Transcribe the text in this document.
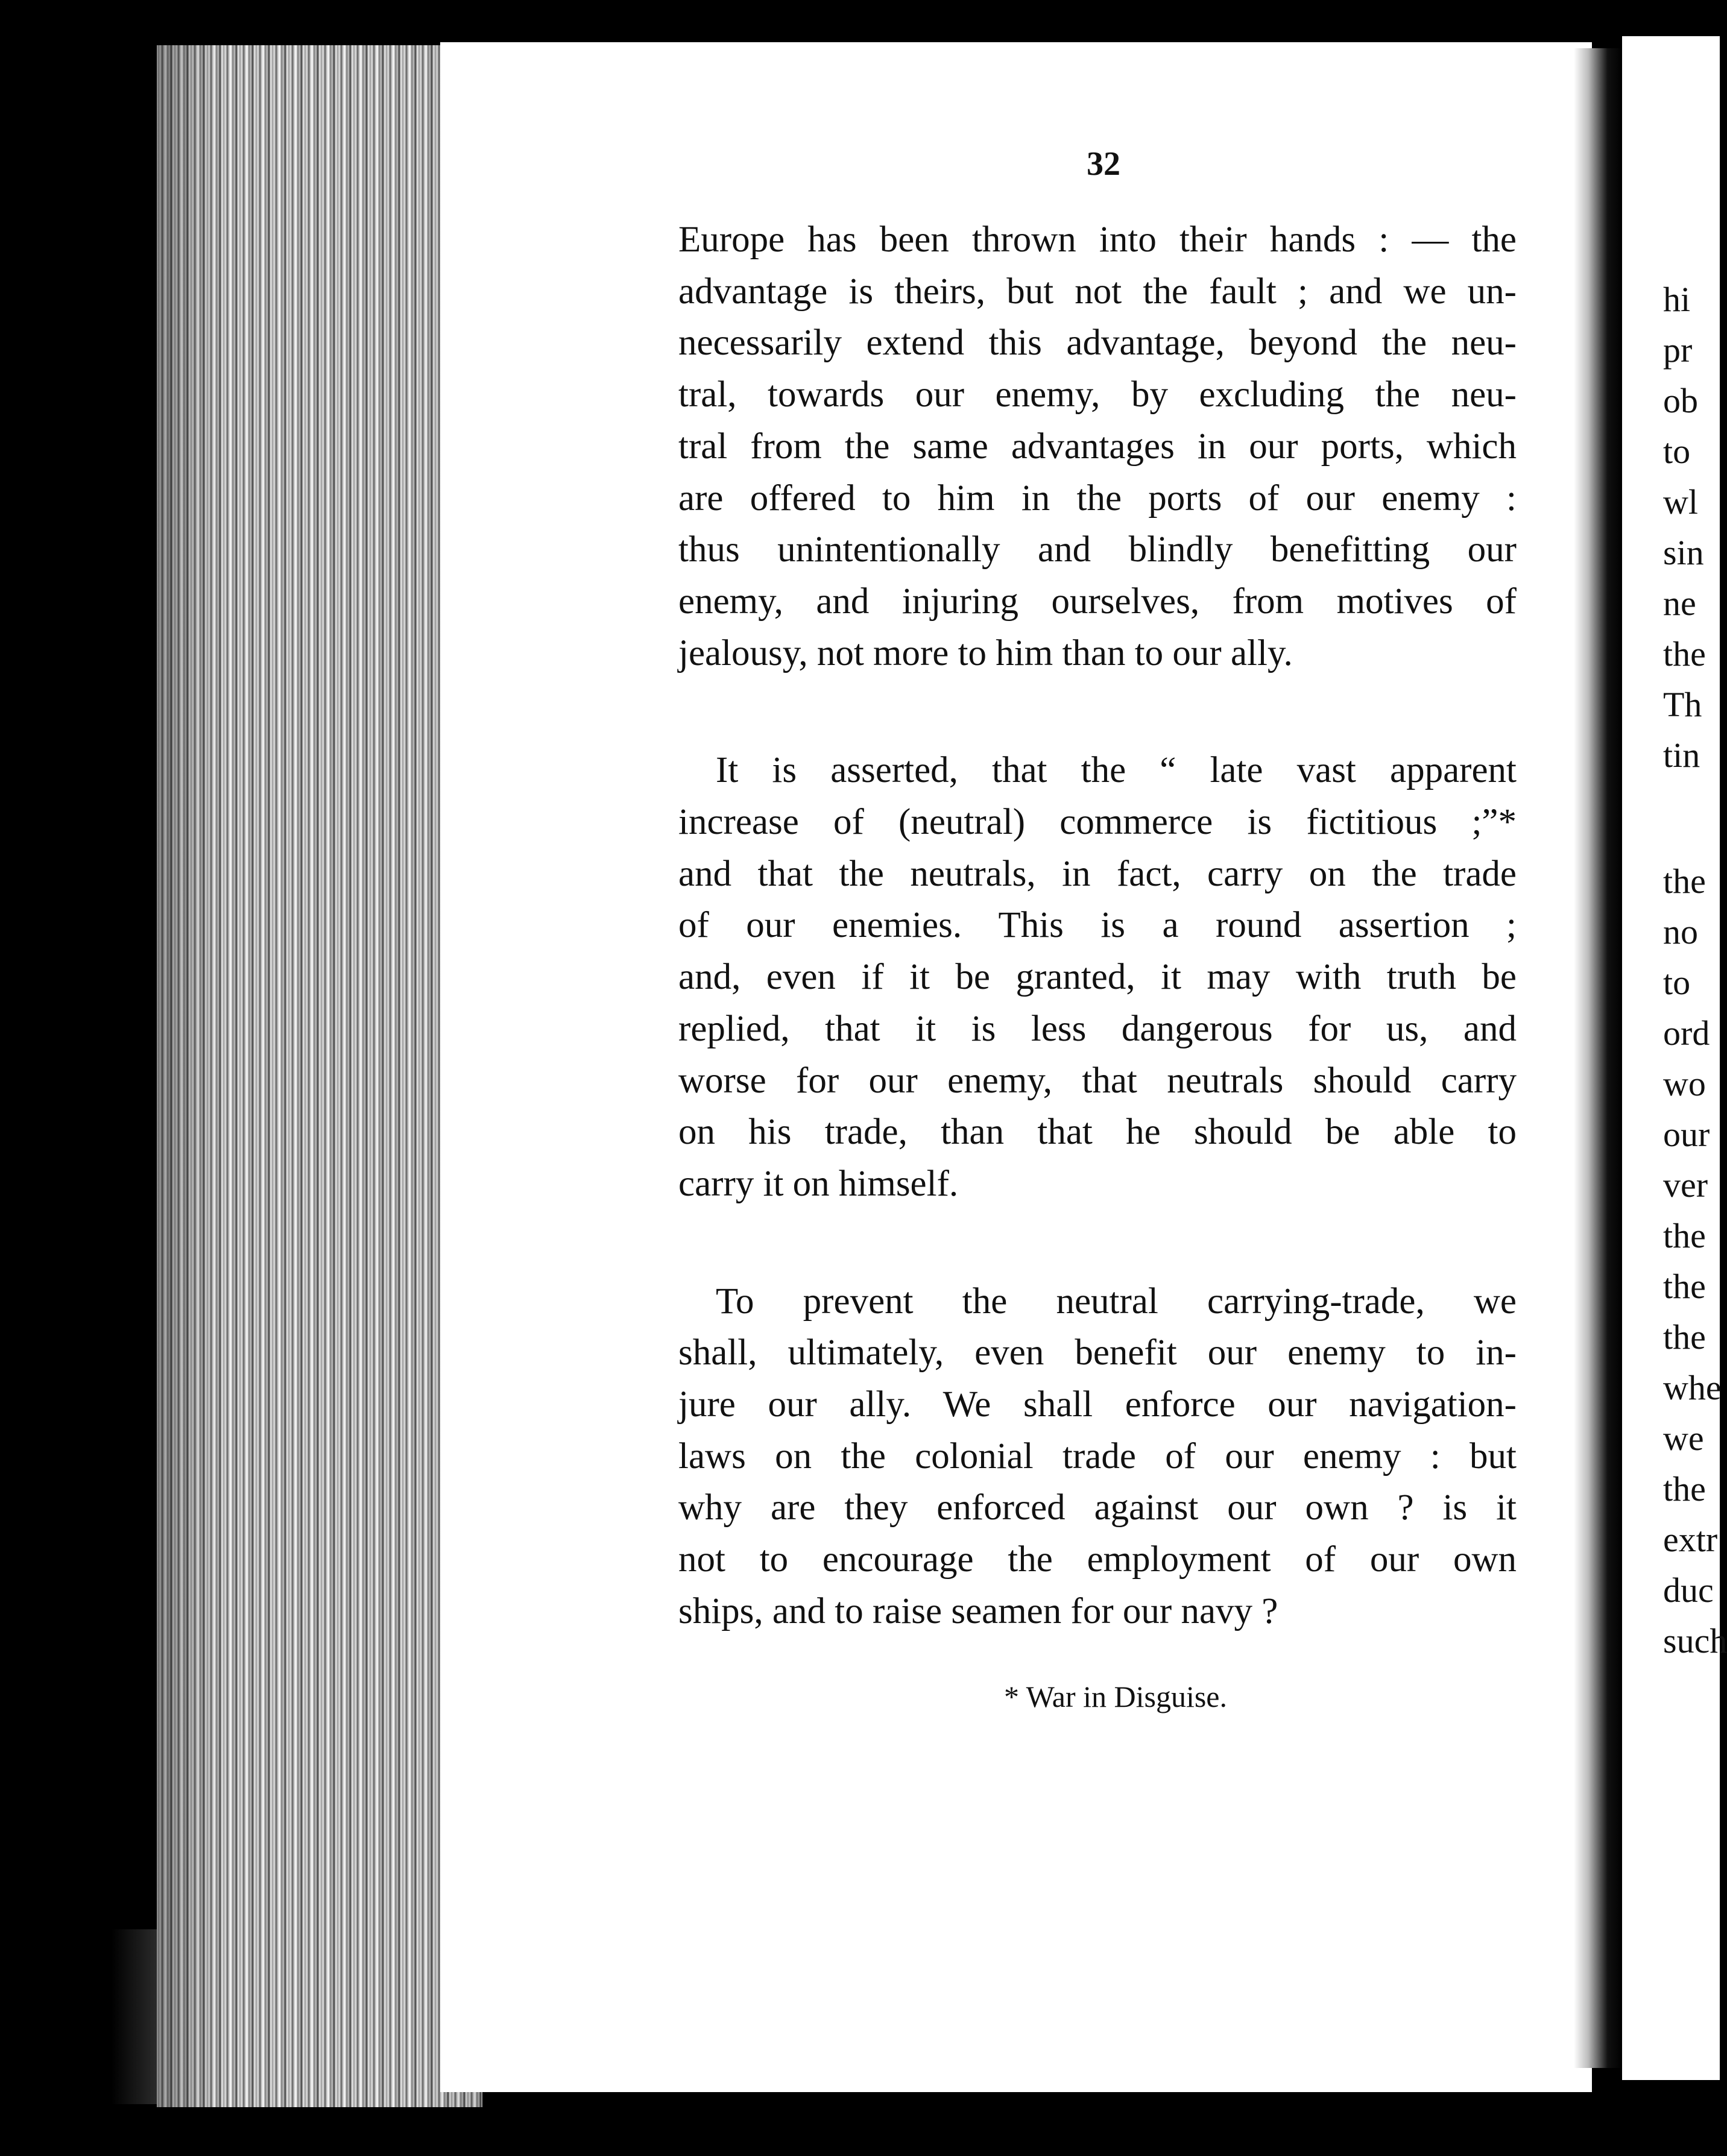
32
Europe has been thrown into their hands : — the
advantage is theirs, but not the fault ; and we un-
necessarily extend this advantage, beyond the neu-
tral, towards our enemy, by excluding the neu-
tral from the same advantages in our ports, which
are offered to him in the ports of our enemy :
thus unintentionally and blindly benefitting our
enemy, and injuring ourselves, from motives of
jealousy, not more to him than to our ally.
It is asserted, that the “ late vast apparent
increase of (neutral) commerce is fictitious ;”*
and that the neutrals, in fact, carry on the trade
of our enemies. This is a round assertion ;
and, even if it be granted, it may with truth be
replied, that it is less dangerous for us, and
worse for our enemy, that neutrals should carry
on his trade, than that he should be able to
carry it on himself.
To prevent the neutral carrying-trade, we
shall, ultimately, even benefit our enemy to in-
jure our ally. We shall enforce our navigation-
laws on the colonial trade of our enemy : but
why are they enforced against our own ? is it
not to encourage the employment of our own
ships, and to raise seamen for our navy ?
* War in Disguise.
hi
pr
ob
to
wl
sin
ne
the
Th
tin
the
no
to
ord
wo
our
ver
the
the
the
whe
we
the
extr
duc
such
